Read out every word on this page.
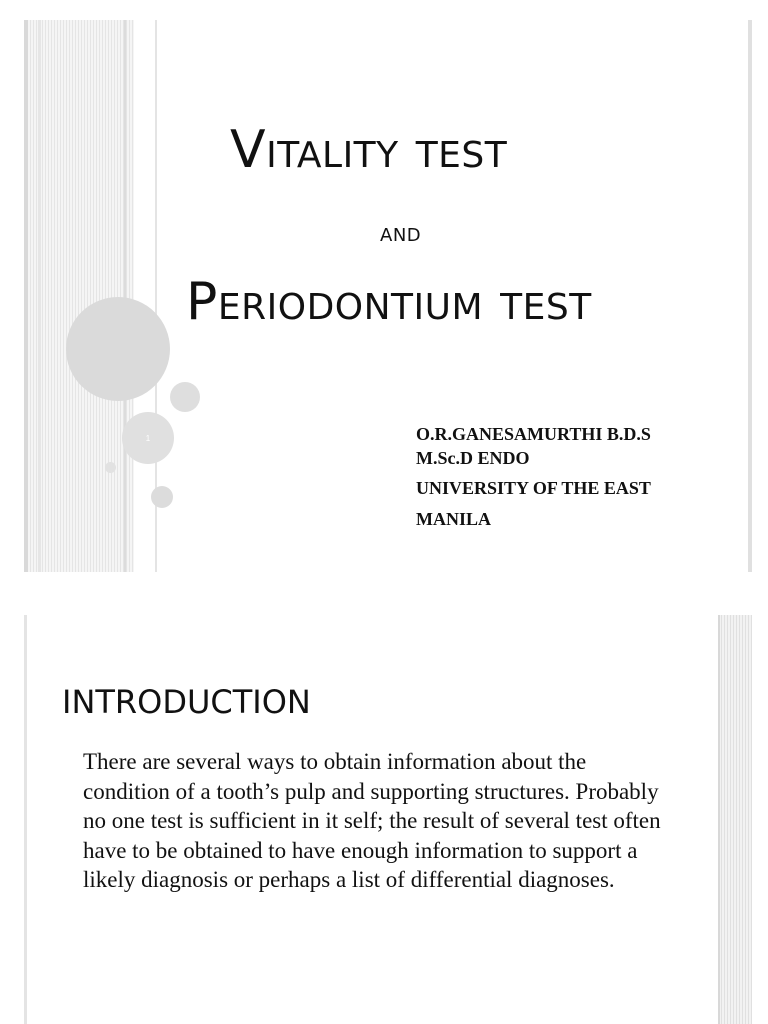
1
Vitality test
and
Periodontium test
O.R.GANESAMURTHI B.D.S
M.Sc.D ENDO
UNIVERSITY OF THE EAST
MANILA
INTRODUCTION
There are several ways to obtain information about the condition of a tooth’s pulp and supporting structures. Probably no one test is sufficient in it self; the result of several test often have to be obtained to have enough information to support a likely diagnosis or perhaps a list of differential diagnoses.
